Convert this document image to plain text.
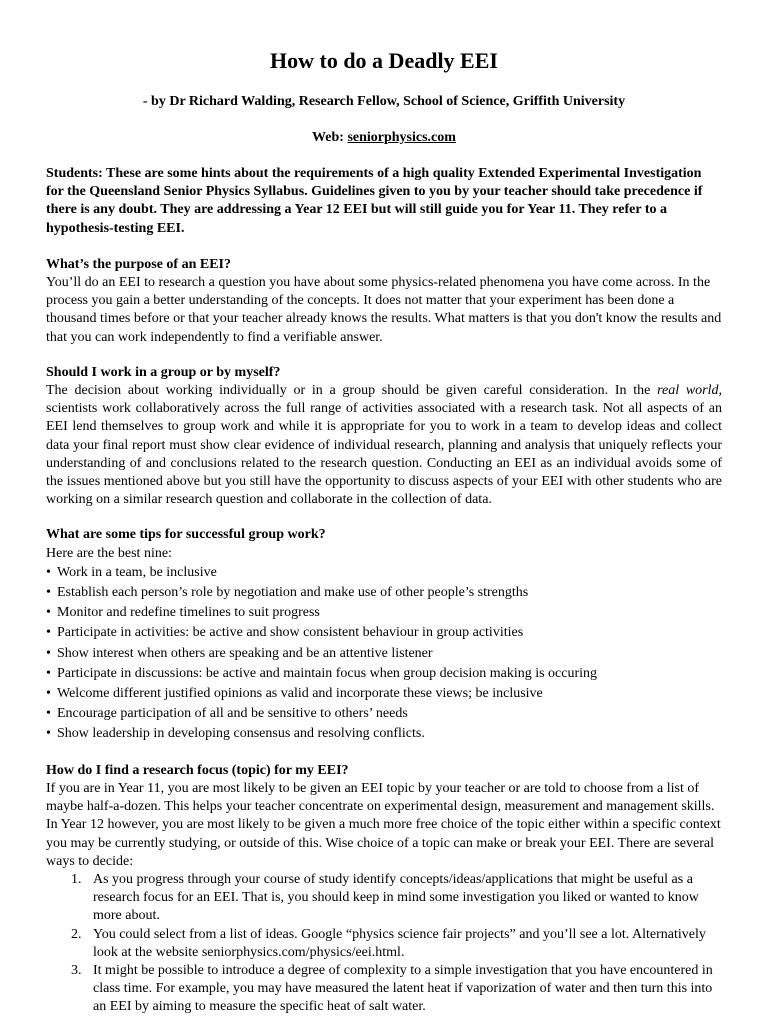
How to do a Deadly EEI
- by Dr Richard Walding, Research Fellow, School of Science, Griffith University
Web: seniorphysics.com

Students: These are some hints about the requirements of a high quality Extended Experimental Investigation for the Queensland Senior Physics Syllabus. Guidelines given to you by your teacher should take precedence if there is any doubt. They are addressing a Year 12 EEI but will still guide you for Year 11. They refer to a hypothesis-testing EEI.

What’s the purpose of an EEI?

You’ll do an EEI to research a question you have about some physics-related phenomena you have come across. In the process you gain a better understanding of the concepts. It does not matter that your experiment has been done a thousand times before or that your teacher already knows the results. What matters is that you don't know the results and that you can work independently to find a verifiable answer.

Should I work in a group or by myself?

The decision about working individually or in a group should be given careful consideration. In the real world, scientists work collaboratively across the full range of activities associated with a research task. Not all aspects of an EEI lend themselves to group work and while it is appropriate for you to work in a team to develop ideas and collect data your final report must show clear evidence of individual research, planning and analysis that uniquely reflects your understanding of and conclusions related to the research question. Conducting an EEI as an individual avoids some of the issues mentioned above but you still have the opportunity to discuss aspects of your EEI with other students who are working on a similar research question and collaborate in the collection of data.

What are some tips for successful group work?

Here are the best nine:

• Work in a team, be inclusive
• Establish each person’s role by negotiation and make use of other people’s strengths
• Monitor and redefine timelines to suit progress
• Participate in activities: be active and show consistent behaviour in group activities
• Show interest when others are speaking and be an attentive listener
• Participate in discussions: be active and maintain focus when group decision making is occuring
• Welcome different justified opinions as valid and incorporate these views; be inclusive
• Encourage participation of all and be sensitive to others’ needs
• Show leadership in developing consensus and resolving conflicts.
How do I find a research focus (topic) for my EEI?

If you are in Year 11, you are most likely to be given an EEI topic by your teacher or are told to choose from a list of maybe half-a-dozen. This helps your teacher concentrate on experimental design, measurement and management skills. In Year 12 however, you are most likely to be given a much more free choice of the topic either within a specific context you may be currently studying, or outside of this. Wise choice of a topic can make or break your EEI. There are several ways to decide:

1. As you progress through your course of study identify concepts/ideas/applications that might be useful as a research focus for an EEI. That is, you should keep in mind some investigation you liked or wanted to know more about.
2. You could select from a list of ideas. Google “physics science fair projects” and you’ll see a lot. Alternatively look at the website seniorphysics.com/physics/eei.html.
3. It might be possible to introduce a degree of complexity to a simple investigation that you have encountered in class time. For example, you may have measured the latent heat if vaporization of water and then turn this into an EEI by aiming to measure the specific heat of salt water.
